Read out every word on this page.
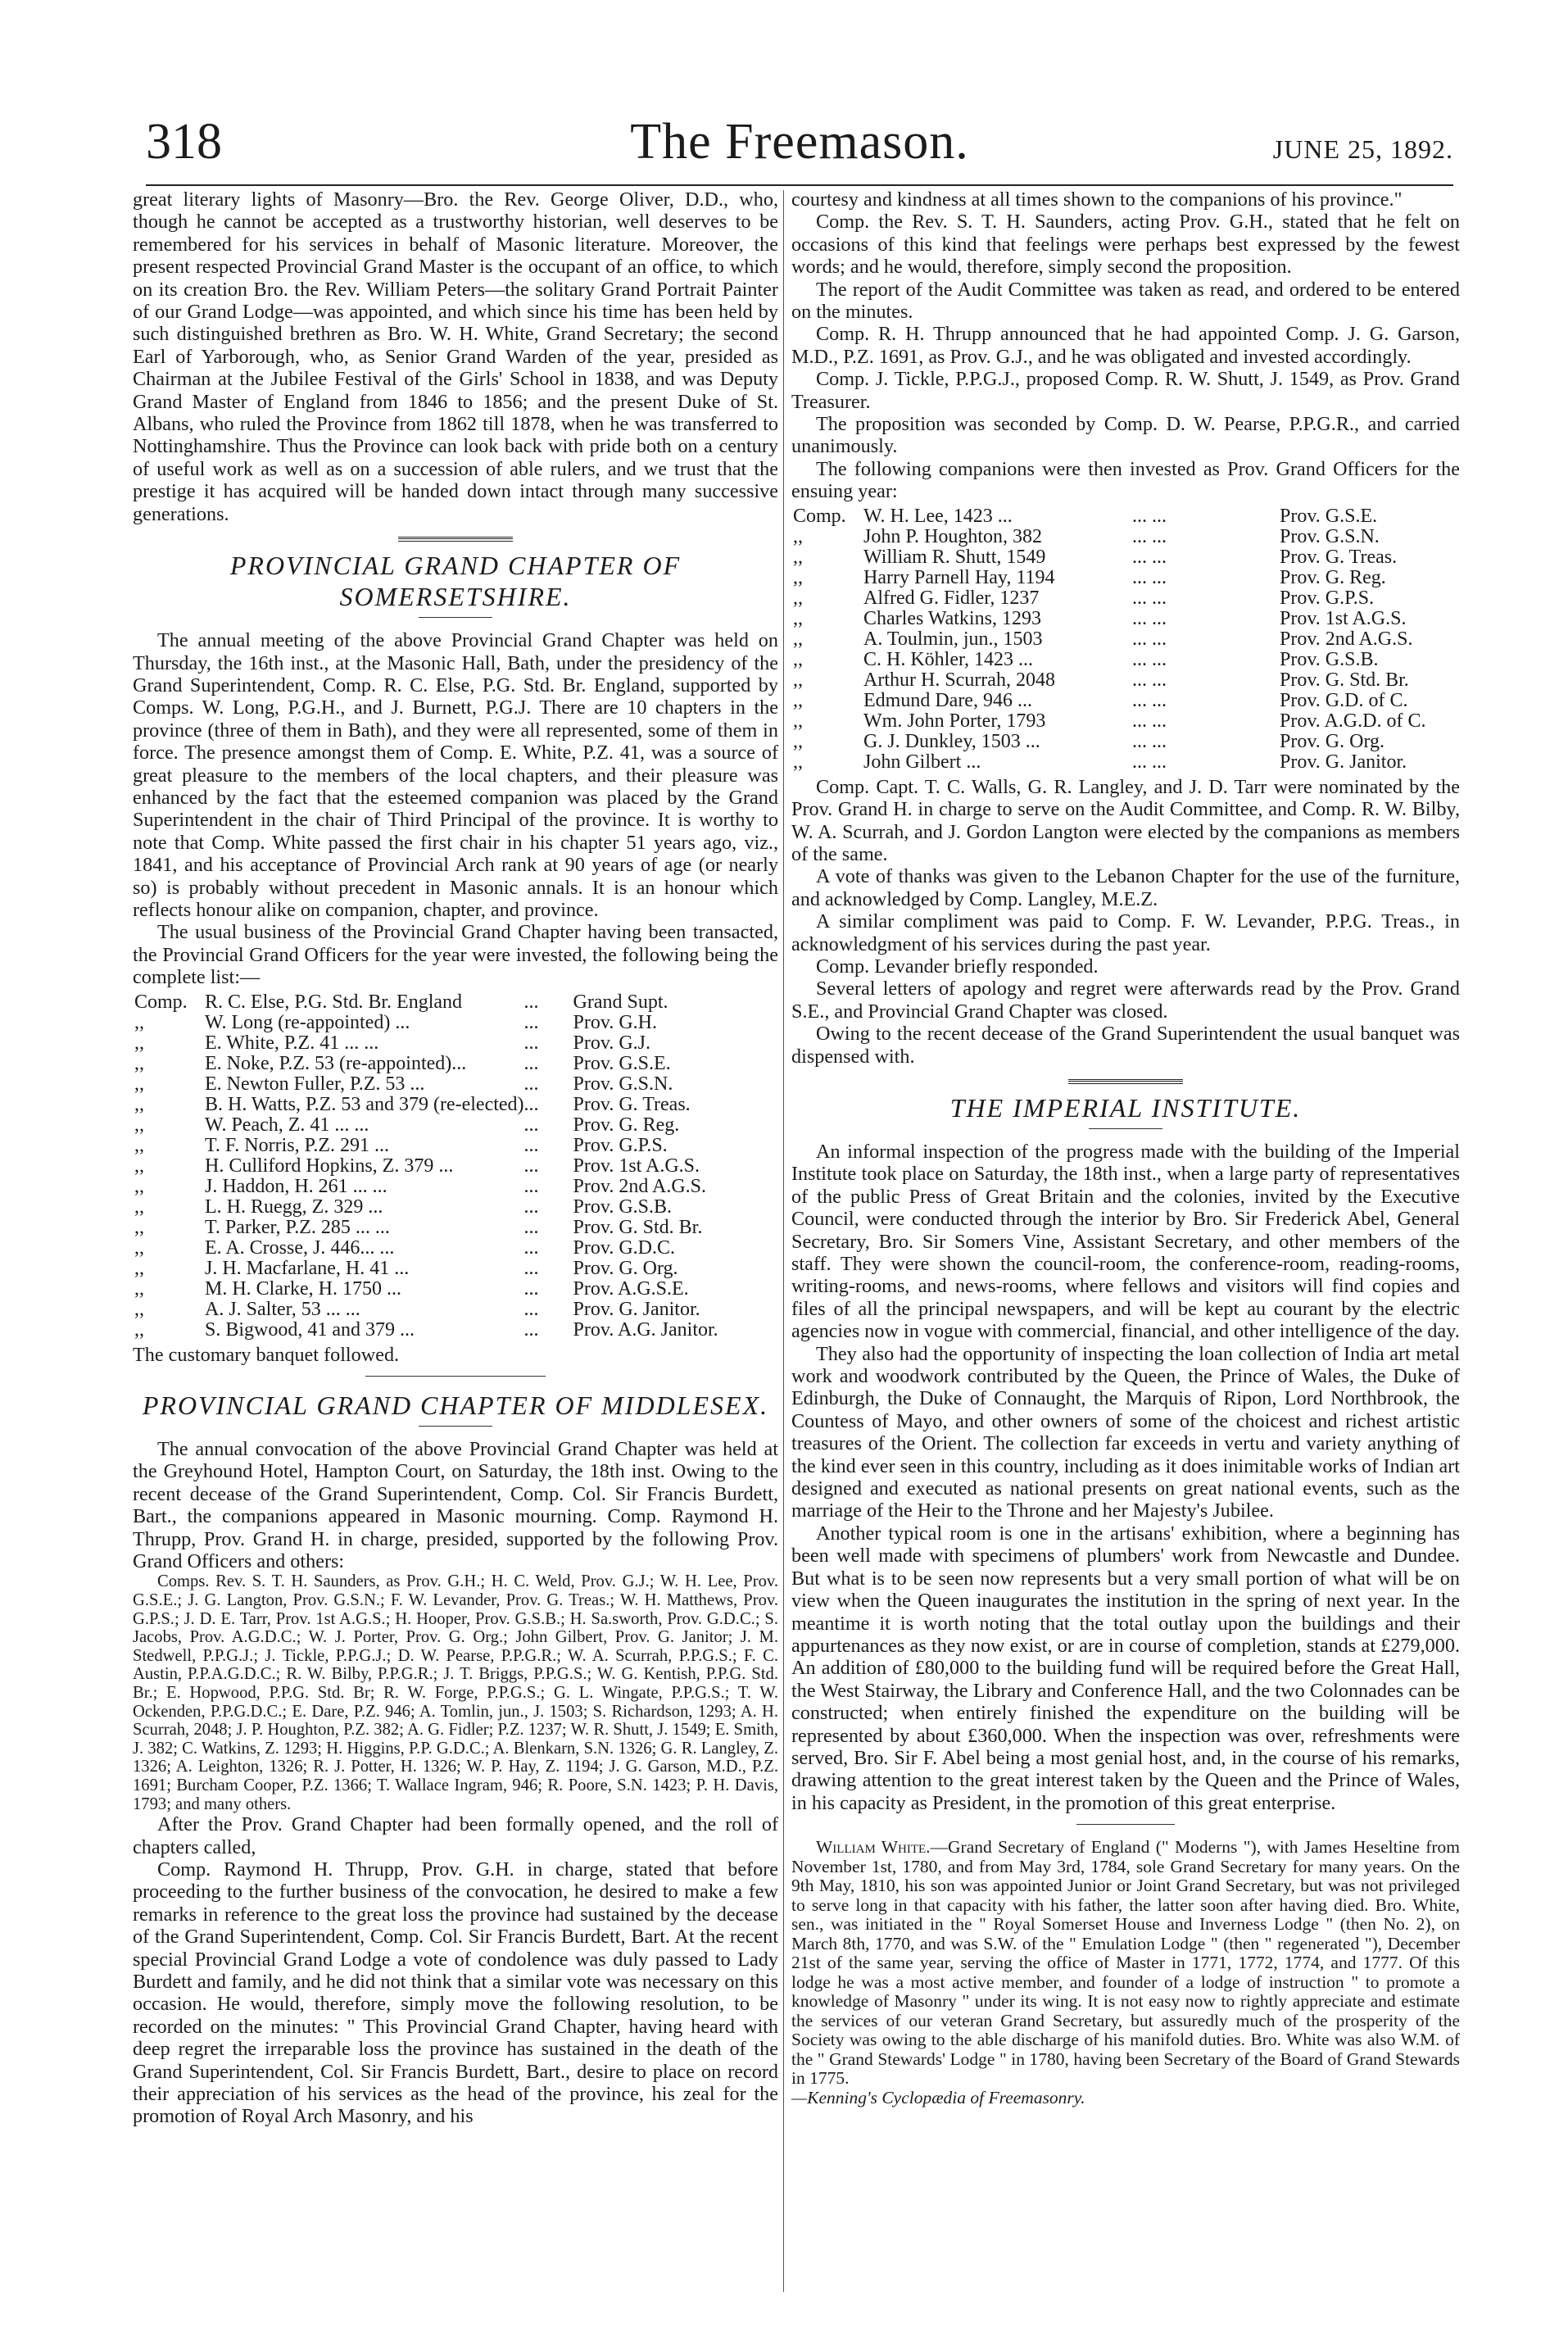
318	The Freemason.	JUNE 25, 1892.

great literary lights of Masonry—Bro. the Rev. George Oliver, D.D., who, though he cannot be accepted as a trustworthy historian, well deserves to be remembered for his services in behalf of Masonic literature. Moreover, the present respected Provincial Grand Master is the occupant of an office, to which on its creation Bro. the Rev. William Peters—the solitary Grand Portrait Painter of our Grand Lodge—was appointed, and which since his time has been held by such distinguished brethren as Bro. W. H. White, Grand Secretary; the second Earl of Yarborough, who, as Senior Grand Warden of the year, presided as Chairman at the Jubilee Festival of the Girls' School in 1838, and was Deputy Grand Master of England from 1846 to 1856; and the present Duke of St. Albans, who ruled the Province from 1862 till 1878, when he was transferred to Nottinghamshire. Thus the Province can look back with pride both on a century of useful work as well as on a succession of able rulers, and we trust that the prestige it has acquired will be handed down intact through many successive generations.

PROVINCIAL GRAND CHAPTER OF SOMERSETSHIRE.

The annual meeting of the above Provincial Grand Chapter was held on Thursday, the 16th inst., at the Masonic Hall, Bath, under the presidency of the Grand Superintendent, Comp. R. C. Else, P.G. Std. Br. England, supported by Comps. W. Long, P.G.H., and J. Burnett, P.G.J. There are 10 chapters in the province (three of them in Bath), and they were all represented, some of them in force. The presence amongst them of Comp. E. White, P.Z. 41, was a source of great pleasure to the members of the local chapters, and their pleasure was enhanced by the fact that the esteemed companion was placed by the Grand Superintendent in the chair of Third Principal of the province. It is worthy to note that Comp. White passed the first chair in his chapter 51 years ago, viz., 1841, and his acceptance of Provincial Arch rank at 90 years of age (or nearly so) is probably without precedent in Masonic annals. It is an honour which reflects honour alike on companion, chapter, and province.

The usual business of the Provincial Grand Chapter having been transacted, the Provincial Grand Officers for the year were invested, the following being the complete list:—

Comp.	R. C. Else, P.G. Std. Br. England	...	Grand Supt.
,,	W. Long (re-appointed) ...	...	Prov. G.H.
,,	E. White, P.Z. 41 ... ...	...	Prov. G.J.
,,	E. Noke, P.Z. 53 (re-appointed)...	...	Prov. G.S.E.
,,	E. Newton Fuller, P.Z. 53 ...	...	Prov. G.S.N.
,,	B. H. Watts, P.Z. 53 and 379 (re-elected)	...	Prov. G. Treas.
,,	W. Peach, Z. 41 ... ...	...	Prov. G. Reg.
,,	T. F. Norris, P.Z. 291 ...	...	Prov. G.P.S.
,,	H. Culliford Hopkins, Z. 379 ...	...	Prov. 1st A.G.S.
,,	J. Haddon, H. 261 ... ...	...	Prov. 2nd A.G.S.
,,	L. H. Ruegg, Z. 329 ...	...	Prov. G.S.B.
,,	T. Parker, P.Z. 285 ... ...	...	Prov. G. Std. Br.
,,	E. A. Crosse, J. 446... ...	...	Prov. G.D.C.
,,	J. H. Macfarlane, H. 41 ...	...	Prov. G. Org.
,,	M. H. Clarke, H. 1750 ...	...	Prov. A.G.S.E.
,,	A. J. Salter, 53 ... ...	...	Prov. G. Janitor.
,,	S. Bigwood, 41 and 379 ...	...	Prov. A.G. Janitor.

The customary banquet followed.

PROVINCIAL GRAND CHAPTER OF MIDDLESEX.

The annual convocation of the above Provincial Grand Chapter was held at the Greyhound Hotel, Hampton Court, on Saturday, the 18th inst. Owing to the recent decease of the Grand Superintendent, Comp. Col. Sir Francis Burdett, Bart., the companions appeared in Masonic mourning. Comp. Raymond H. Thrupp, Prov. Grand H. in charge, presided, supported by the following Prov. Grand Officers and others:

Comps. Rev. S. T. H. Saunders, as Prov. G.H.; H. C. Weld, Prov. G.J.; W. H. Lee, Prov. G.S.E.; J. G. Langton, Prov. G.S.N.; F. W. Levander, Prov. G. Treas.; W. H. Matthews, Prov. G.P.S.; J. D. E. Tarr, Prov. 1st A.G.S.; H. Hooper, Prov. G.S.B.; H. Sa.sworth, Prov. G.D.C.; S. Jacobs, Prov. A.G.D.C.; W. J. Porter, Prov. G. Org.; John Gilbert, Prov. G. Janitor; J. M. Stedwell, P.P.G.J.; J. Tickle, P.P.G.J.; D. W. Pearse, P.P.G.R.; W. A. Scurrah, P.P.G.S.; F. C. Austin, P.P.A.G.D.C.; R. W. Bilby, P.P.G.R.; J. T. Briggs, P.P.G.S.; W. G. Kentish, P.P.G. Std. Br.; E. Hopwood, P.P.G. Std. Br; R. W. Forge, P.P.G.S.; G. L. Wingate, P.P.G.S.; T. W. Ockenden, P.P.G.D.C.; E. Dare, P.Z. 946; A. Tomlin, jun., J. 1503; S. Richardson, 1293; A. H. Scurrah, 2048; J. P. Houghton, P.Z. 382; A. G. Fidler; P.Z. 1237; W. R. Shutt, J. 1549; E. Smith, J. 382; C. Watkins, Z. 1293; H. Higgins, P.P. G.D.C.; A. Blenkarn, S.N. 1326; G. R. Langley, Z. 1326; A. Leighton, 1326; R. J. Potter, H. 1326; W. P. Hay, Z. 1194; J. G. Garson, M.D., P.Z. 1691; Burcham Cooper, P.Z. 1366; T. Wallace Ingram, 946; R. Poore, S.N. 1423; P. H. Davis, 1793; and many others.

After the Prov. Grand Chapter had been formally opened, and the roll of chapters called,

Comp. Raymond H. Thrupp, Prov. G.H. in charge, stated that before proceeding to the further business of the convocation, he desired to make a few remarks in reference to the great loss the province had sustained by the decease of the Grand Superintendent, Comp. Col. Sir Francis Burdett, Bart. At the recent special Provincial Grand Lodge a vote of condolence was duly passed to Lady Burdett and family, and he did not think that a similar vote was necessary on this occasion. He would, therefore, simply move the following resolution, to be recorded on the minutes: " This Provincial Grand Chapter, having heard with deep regret the irreparable loss the province has sustained in the death of the Grand Superintendent, Col. Sir Francis Burdett, Bart., desire to place on record their appreciation of his services as the head of the province, his zeal for the promotion of Royal Arch Masonry, and his

courtesy and kindness at all times shown to the companions of his province."

Comp. the Rev. S. T. H. Saunders, acting Prov. G.H., stated that he felt on occasions of this kind that feelings were perhaps best expressed by the fewest words; and he would, therefore, simply second the proposition.

The report of the Audit Committee was taken as read, and ordered to be entered on the minutes.

Comp. R. H. Thrupp announced that he had appointed Comp. J. G. Garson, M.D., P.Z. 1691, as Prov. G.J., and he was obligated and invested accordingly.

Comp. J. Tickle, P.P.G.J., proposed Comp. R. W. Shutt, J. 1549, as Prov. Grand Treasurer.

The proposition was seconded by Comp. D. W. Pearse, P.P.G.R., and carried unanimously.

The following companions were then invested as Prov. Grand Officers for the ensuing year:

Comp.	W. H. Lee, 1423 ...	... ...	Prov. G.S.E.
,,	John P. Houghton, 382	... ...	Prov. G.S.N.
,,	William R. Shutt, 1549	... ...	Prov. G. Treas.
,,	Harry Parnell Hay, 1194	... ...	Prov. G. Reg.
,,	Alfred G. Fidler, 1237	... ...	Prov. G.P.S.
,,	Charles Watkins, 1293	... ...	Prov. 1st A.G.S.
,,	A. Toulmin, jun., 1503	... ...	Prov. 2nd A.G.S.
,,	C. H. Köhler, 1423 ...	... ...	Prov. G.S.B.
,,	Arthur H. Scurrah, 2048	... ...	Prov. G. Std. Br.
,,	Edmund Dare, 946 ...	... ...	Prov. G.D. of C.
,,	Wm. John Porter, 1793	... ...	Prov. A.G.D. of C.
,,	G. J. Dunkley, 1503 ...	... ...	Prov. G. Org.
,,	John Gilbert ...	... ...	Prov. G. Janitor.

Comp. Capt. T. C. Walls, G. R. Langley, and J. D. Tarr were nominated by the Prov. Grand H. in charge to serve on the Audit Committee, and Comp. R. W. Bilby, W. A. Scurrah, and J. Gordon Langton were elected by the companions as members of the same.

A vote of thanks was given to the Lebanon Chapter for the use of the furniture, and acknowledged by Comp. Langley, M.E.Z.

A similar compliment was paid to Comp. F. W. Levander, P.P.G. Treas., in acknowledgment of his services during the past year.

Comp. Levander briefly responded.

Several letters of apology and regret were afterwards read by the Prov. Grand S.E., and Provincial Grand Chapter was closed.

Owing to the recent decease of the Grand Superintendent the usual banquet was dispensed with.

THE IMPERIAL INSTITUTE.

An informal inspection of the progress made with the building of the Imperial Institute took place on Saturday, the 18th inst., when a large party of representatives of the public Press of Great Britain and the colonies, invited by the Executive Council, were conducted through the interior by Bro. Sir Frederick Abel, General Secretary, Bro. Sir Somers Vine, Assistant Secretary, and other members of the staff. They were shown the council-room, the conference-room, reading-rooms, writing-rooms, and news-rooms, where fellows and visitors will find copies and files of all the principal newspapers, and will be kept au courant by the electric agencies now in vogue with commercial, financial, and other intelligence of the day.

They also had the opportunity of inspecting the loan collection of India art metal work and woodwork contributed by the Queen, the Prince of Wales, the Duke of Edinburgh, the Duke of Connaught, the Marquis of Ripon, Lord Northbrook, the Countess of Mayo, and other owners of some of the choicest and richest artistic treasures of the Orient. The collection far exceeds in vertu and variety anything of the kind ever seen in this country, including as it does inimitable works of Indian art designed and executed as national presents on great national events, such as the marriage of the Heir to the Throne and her Majesty's Jubilee.

Another typical room is one in the artisans' exhibition, where a beginning has been well made with specimens of plumbers' work from Newcastle and Dundee. But what is to be seen now represents but a very small portion of what will be on view when the Queen inaugurates the institution in the spring of next year. In the meantime it is worth noting that the total outlay upon the buildings and their appurtenances as they now exist, or are in course of completion, stands at £279,000. An addition of £80,000 to the building fund will be required before the Great Hall, the West Stairway, the Library and Conference Hall, and the two Colonnades can be constructed; when entirely finished the expenditure on the building will be represented by about £360,000. When the inspection was over, refreshments were served, Bro. Sir F. Abel being a most genial host, and, in the course of his remarks, drawing attention to the great interest taken by the Queen and the Prince of Wales, in his capacity as President, in the promotion of this great enterprise.

William White.—Grand Secretary of England (" Moderns "), with James Heseltine from November 1st, 1780, and from May 3rd, 1784, sole Grand Secretary for many years. On the 9th May, 1810, his son was appointed Junior or Joint Grand Secretary, but was not privileged to serve long in that capacity with his father, the latter soon after having died. Bro. White, sen., was initiated in the " Royal Somerset House and Inverness Lodge " (then No. 2), on March 8th, 1770, and was S.W. of the " Emulation Lodge " (then " regenerated "), December 21st of the same year, serving the office of Master in 1771, 1772, 1774, and 1777. Of this lodge he was a most active member, and founder of a lodge of instruction " to promote a knowledge of Masonry " under its wing. It is not easy now to rightly appreciate and estimate the services of our veteran Grand Secretary, but assuredly much of the prosperity of the Society was owing to the able discharge of his manifold duties. Bro. White was also W.M. of the " Grand Stewards' Lodge " in 1780, having been Secretary of the Board of Grand Stewards in 1775.

—Kenning's Cyclopædia of Freemasonry.
